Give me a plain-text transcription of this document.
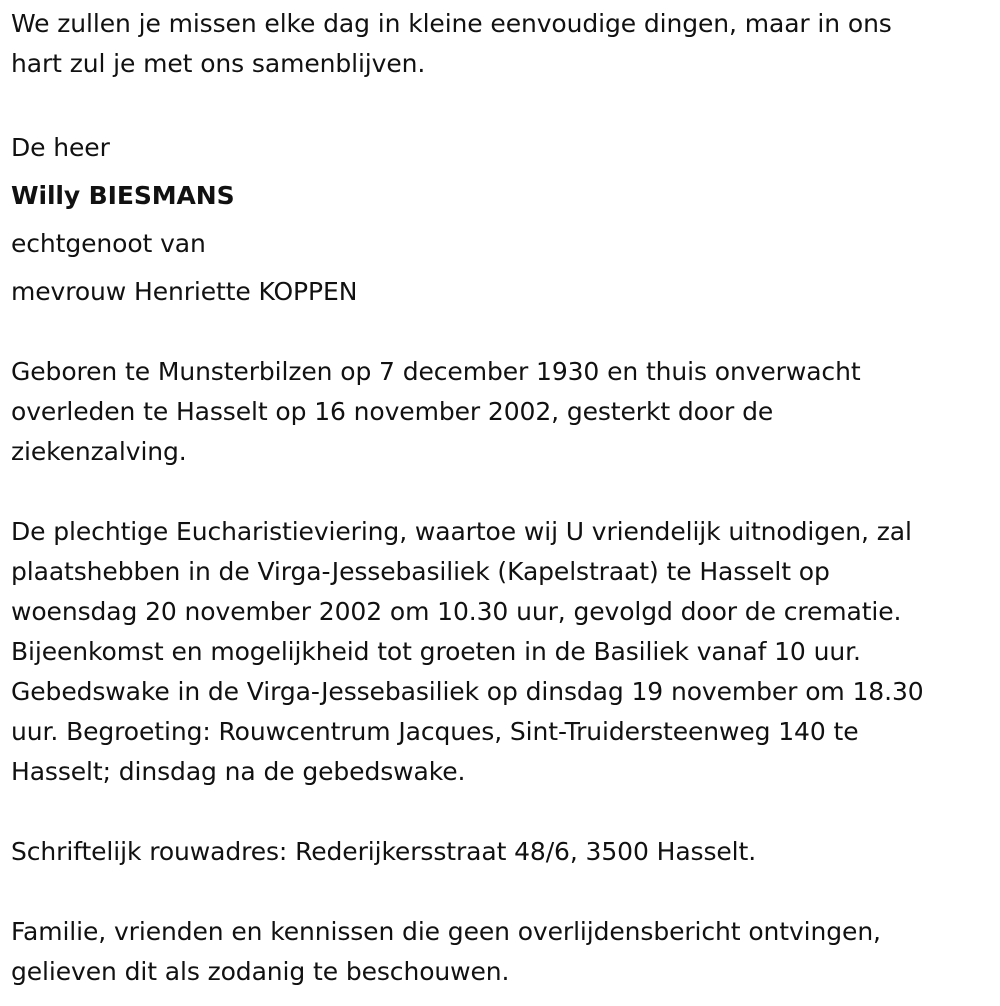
We zullen je missen elke dag in kleine eenvoudige dingen, maar in ons
hart zul je met ons samenblijven.
De heer
Willy BIESMANS
echtgenoot van
mevrouw Henriette KOPPEN
Geboren te Munsterbilzen op 7 december 1930 en thuis onverwacht
overleden te Hasselt op 16 november 2002, gesterkt door de
ziekenzalving.
De plechtige Eucharistieviering, waartoe wij U vriendelijk uitnodigen, zal
plaatshebben in de Virga-Jessebasiliek (Kapelstraat) te Hasselt op
woensdag 20 november 2002 om 10.30 uur, gevolgd door de crematie.
Bijeenkomst en mogelijkheid tot groeten in de Basiliek vanaf 10 uur.
Gebedswake in de Virga-Jessebasiliek op dinsdag 19 november om 18.30
uur. Begroeting: Rouwcentrum Jacques, Sint-Truidersteenweg 140 te
Hasselt; dinsdag na de gebedswake.
Schriftelijk rouwadres: Rederijkersstraat 48/6, 3500 Hasselt.
Familie, vrienden en kennissen die geen overlijdensbericht ontvingen,
gelieven dit als zodanig te beschouwen.
